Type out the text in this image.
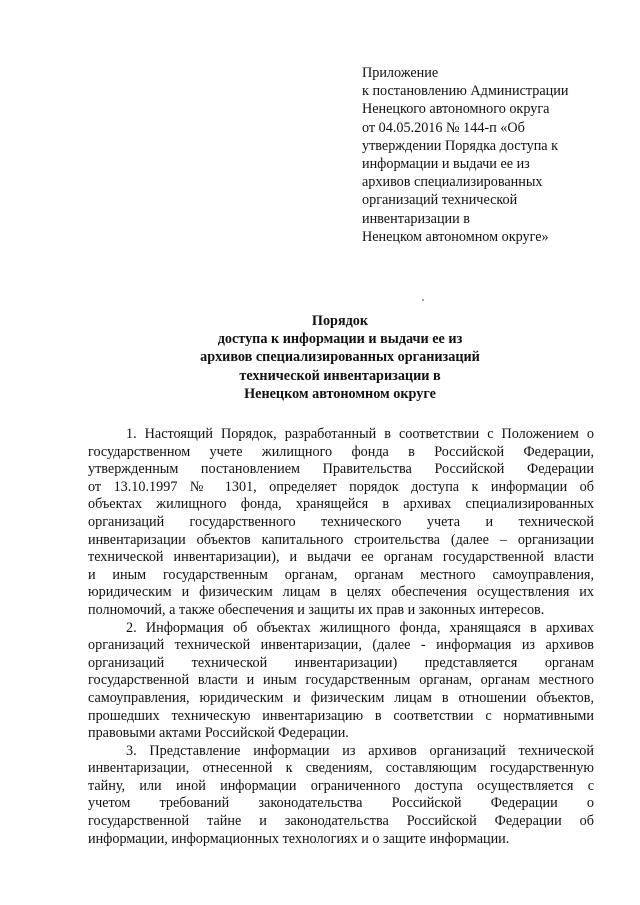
Приложение
к постановлению Администрации
Ненецкого автономного округа
от 04.05.2016 № 144-п «Об
утверждении Порядка доступа к
информации и выдачи ее из
архивов специализированных
организаций технической
инвентаризации в
Ненецком автономном округе»
Порядок
доступа к информации и выдачи ее из
архивов специализированных организаций
технической инвентаризации в
Ненецком автономном округе
1. Настоящий Порядок, разработанный в соответствии с Положением о
государственном учете жилищного фонда в Российской Федерации,
утвержденным постановлением Правительства Российской Федерации
от 13.10.1997 № 1301, определяет порядок доступа к информации об
объектах жилищного фонда, хранящейся в архивах специализированных
организаций государственного технического учета и технической
инвентаризации объектов капитального строительства (далее – организации
технической инвентаризации), и выдачи ее органам государственной власти
и иным государственным органам, органам местного самоуправления,
юридическим и физическим лицам в целях обеспечения осуществления их
полномочий, а также обеспечения и защиты их прав и законных интересов.
2. Информация об объектах жилищного фонда, хранящаяся в архивах
организаций технической инвентаризации, (далее - информация из архивов
организаций технической инвентаризации) представляется органам
государственной власти и иным государственным органам, органам местного
самоуправления, юридическим и физическим лицам в отношении объектов,
прошедших техническую инвентаризацию в соответствии с нормативными
правовыми актами Российской Федерации.
3. Представление информации из архивов организаций технической
инвентаризации, отнесенной к сведениям, составляющим государственную
тайну, или иной информации ограниченного доступа осуществляется с
учетом требований законодательства Российской Федерации о
государственной тайне и законодательства Российской Федерации об
информации, информационных технологиях и о защите информации.
